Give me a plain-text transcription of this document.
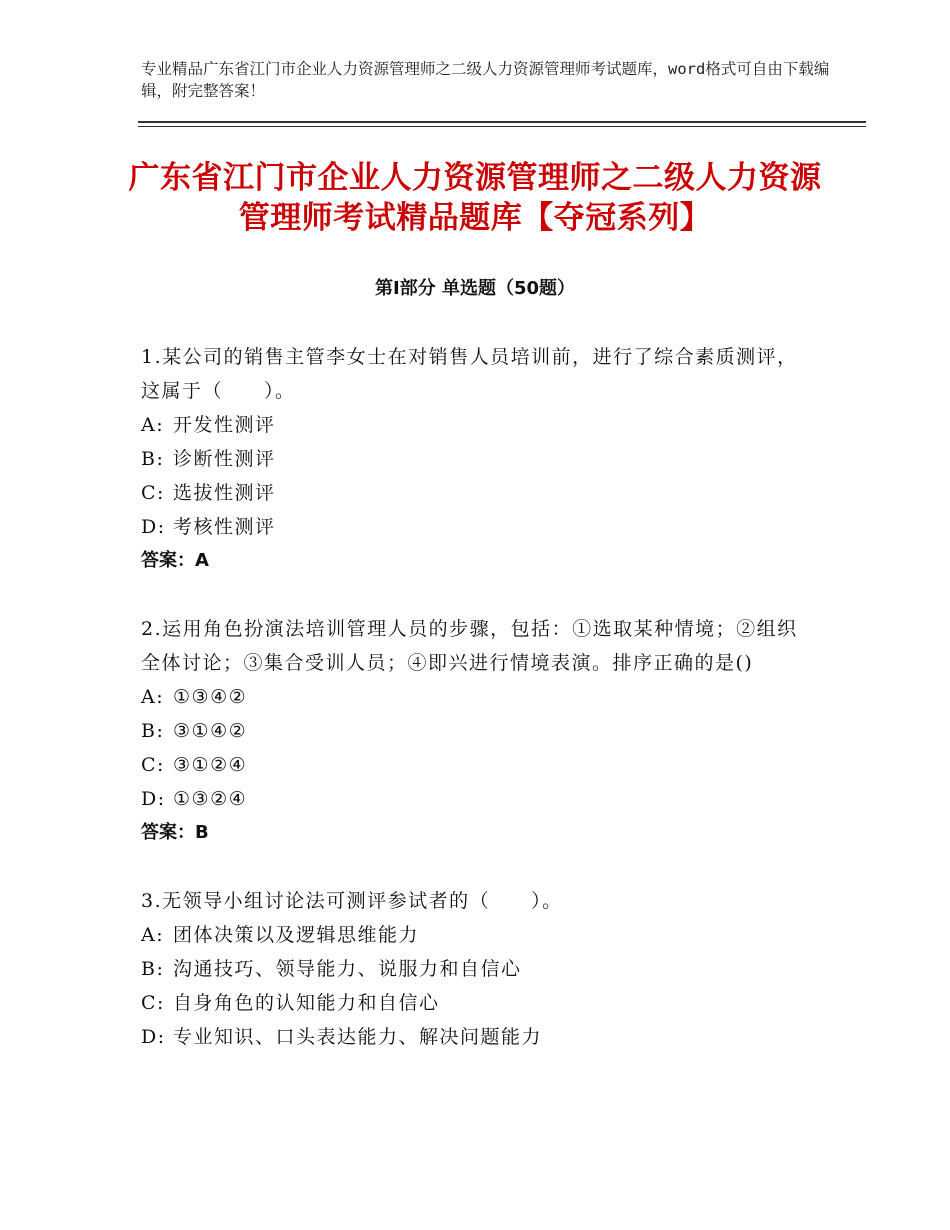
专业精品广东省江门市企业人力资源管理师之二级人力资源管理师考试题库，word格式可自由下载编辑，附完整答案！
广东省江门市企业人力资源管理师之二级人力资源管理师考试精品题库【夺冠系列】
第Ⅰ部分 单选题（50题）

1.某公司的销售主管李女士在对销售人员培训前，进行了综合素质测评，这属于（　　）。

A: 开发性测评

B: 诊断性测评

C: 选拔性测评

D: 考核性测评

答案：A

2.运用角色扮演法培训管理人员的步骤，包括：①选取某种情境；②组织全体讨论；③集合受训人员；④即兴进行情境表演。排序正确的是()

A: ①③④②

B: ③①④②

C: ③①②④

D: ①③②④

答案：B

3.无领导小组讨论法可测评参试者的（　　）。

A: 团体决策以及逻辑思维能力

B: 沟通技巧、领导能力、说服力和自信心

C: 自身角色的认知能力和自信心

D: 专业知识、口头表达能力、解决问题能力
